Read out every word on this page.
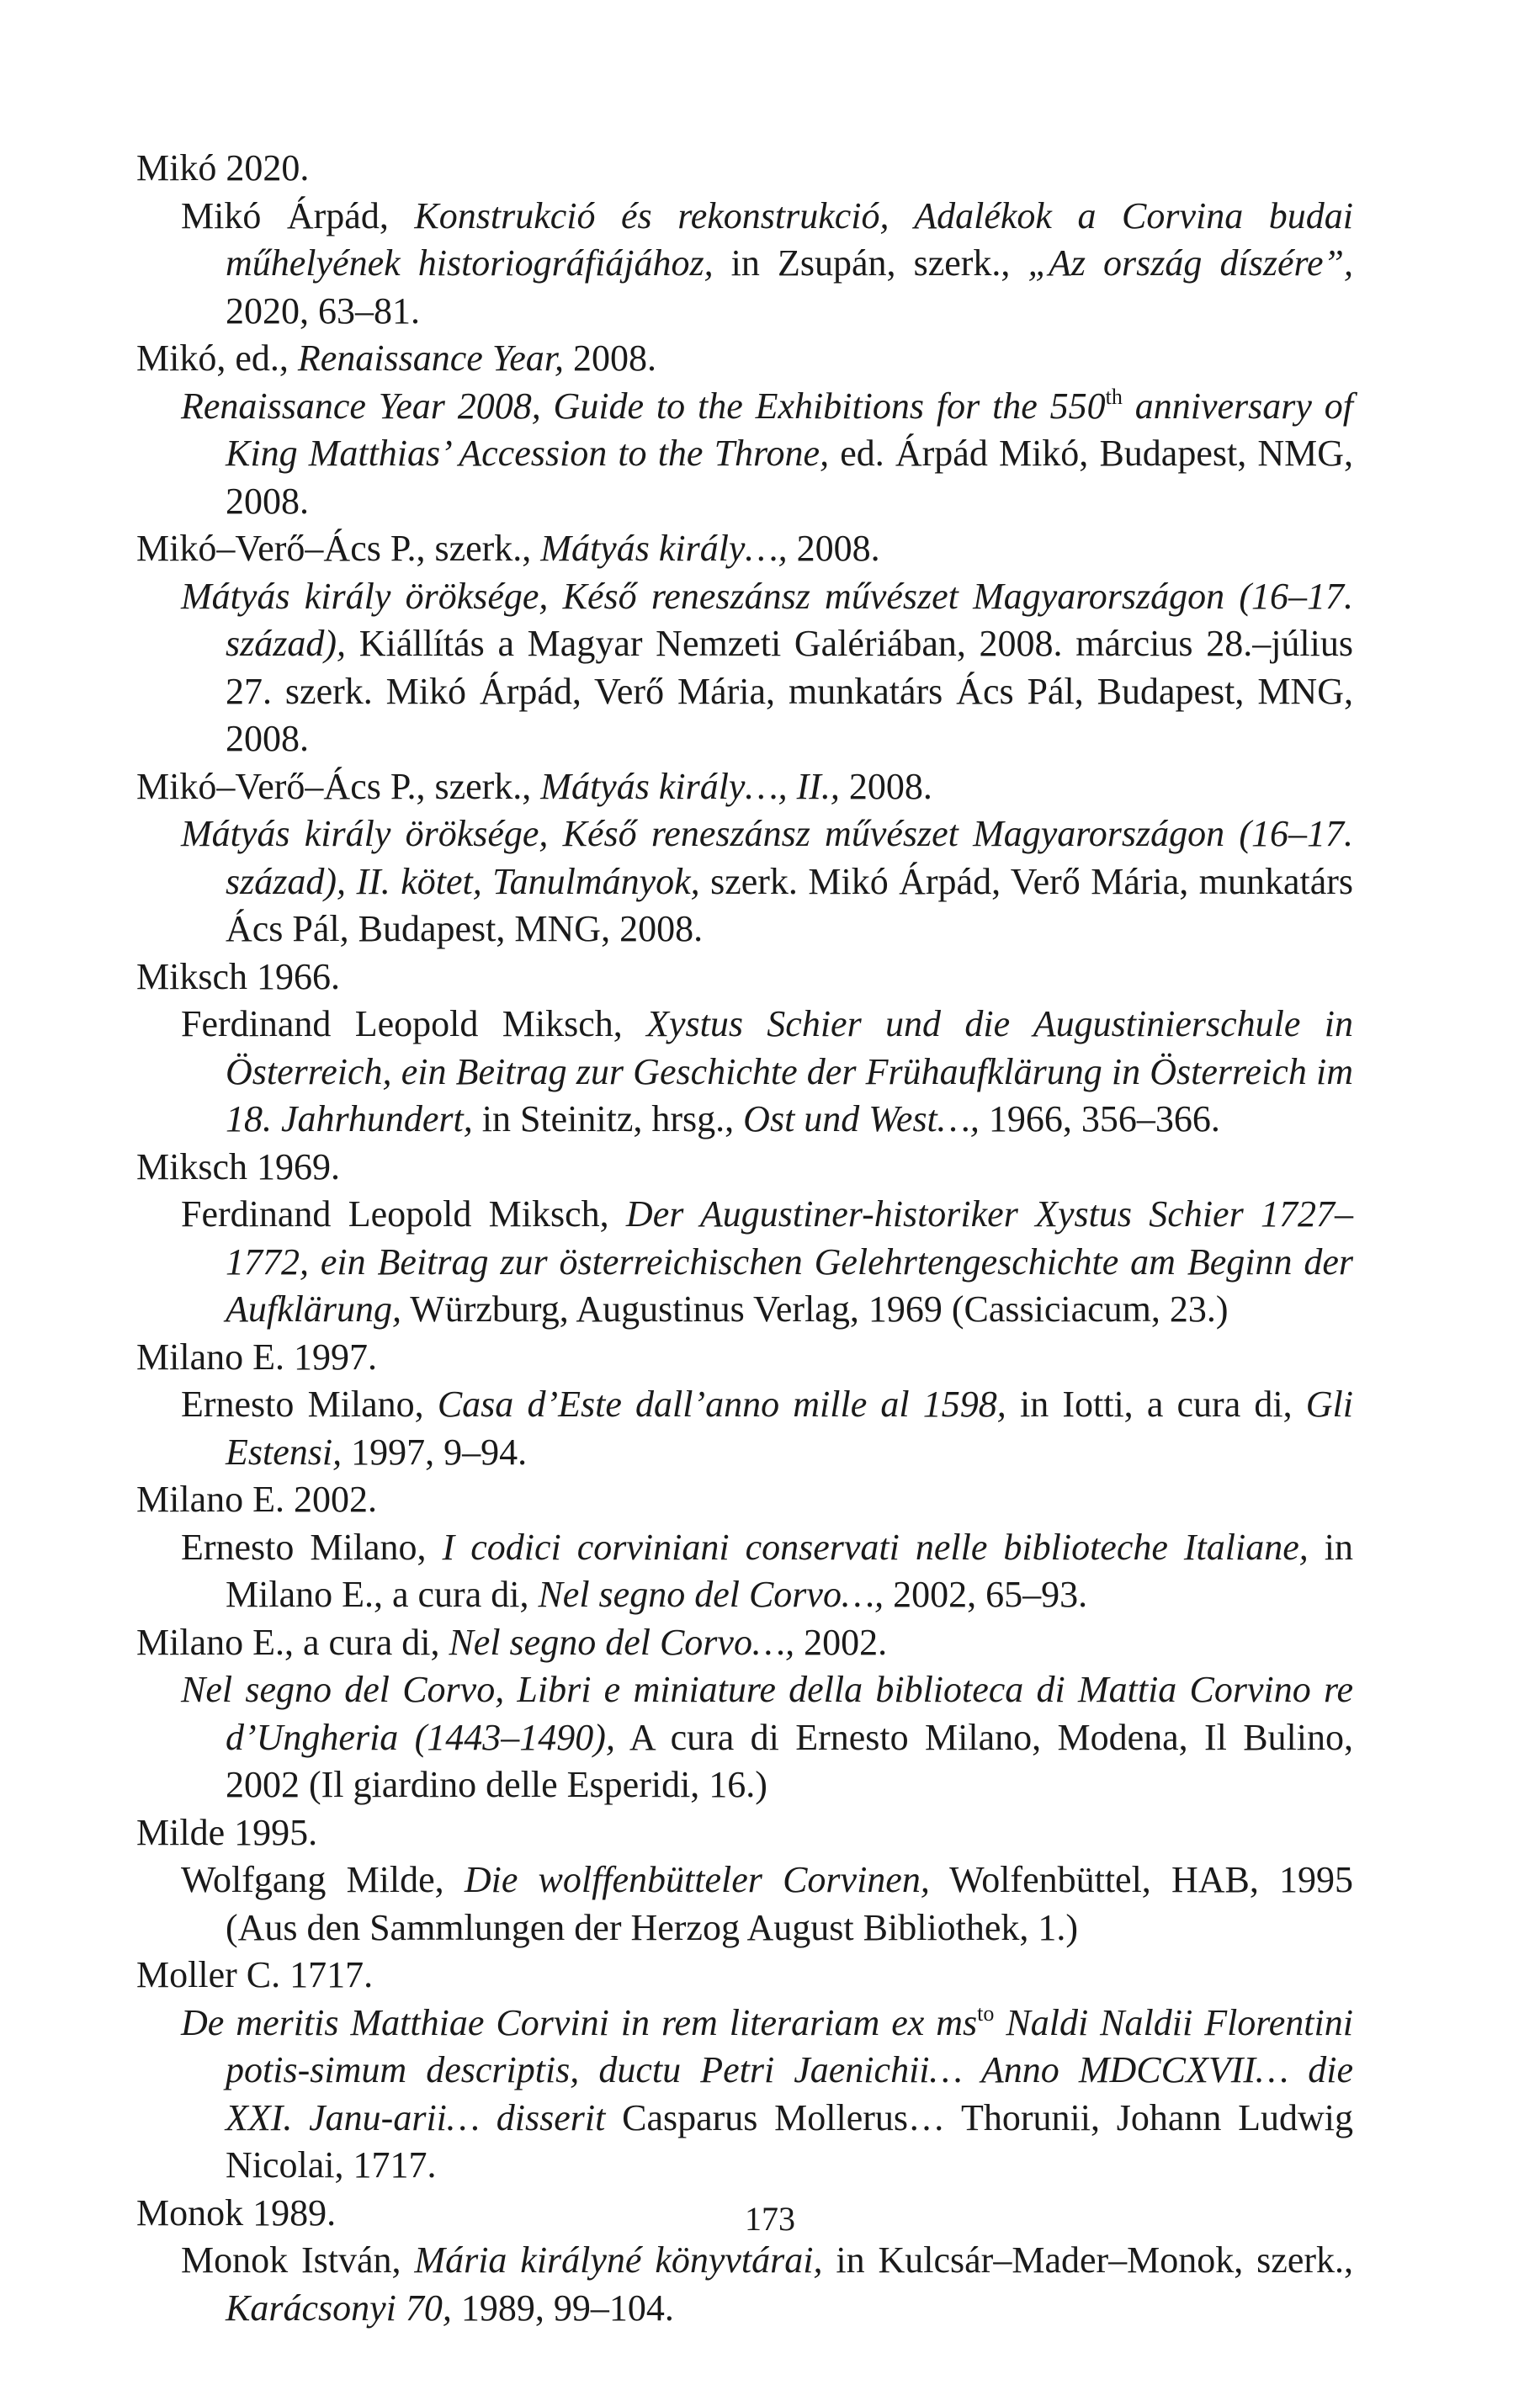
Mikó 2020.

Mikó Árpád, Konstrukció és rekonstrukció, Adalékok a Corvina budai műhelyének historiográfiájához, in Zsupán, szerk., „Az ország díszére”, 2020, 63–81.

Mikó, ed., Renaissance Year, 2008.

Renaissance Year 2008, Guide to the Exhibitions for the 550th anniversary of King Matthias’ Accession to the Throne, ed. Árpád Mikó, Budapest, NMG, 2008.

Mikó–Verő–Ács P., szerk., Mátyás király…, 2008.

Mátyás király öröksége, Késő reneszánsz művészet Magyarországon (16–17. század), Kiállítás a Magyar Nemzeti Galériában, 2008. március 28.–július 27. szerk. Mikó Árpád, Verő Mária, munkatárs Ács Pál, Budapest, MNG, 2008.

Mikó–Verő–Ács P., szerk., Mátyás király…, II., 2008.

Mátyás király öröksége, Késő reneszánsz művészet Magyarországon (16–17. század), II. kötet, Tanulmányok, szerk. Mikó Árpád, Verő Mária, munkatárs Ács Pál, Budapest, MNG, 2008.

Miksch 1966.

Ferdinand Leopold Miksch, Xystus Schier und die Augustinierschule in Österreich, ein Beitrag zur Geschichte der Frühaufklärung in Österreich im 18. Jahrhundert, in Steinitz, hrsg., Ost und West…, 1966, 356–366.

Miksch 1969.

Ferdinand Leopold Miksch, Der Augustiner-historiker Xystus Schier 1727–1772, ein Beitrag zur österreichischen Gelehrtengeschichte am Beginn der Aufklärung, Würzburg, Augustinus Verlag, 1969 (Cassiciacum, 23.)

Milano E. 1997.

Ernesto Milano, Casa d’Este dall’anno mille al 1598, in Iotti, a cura di, Gli Estensi, 1997, 9–94.

Milano E. 2002.

Ernesto Milano, I codici corviniani conservati nelle biblioteche Italiane, in Milano E., a cura di, Nel segno del Corvo…, 2002, 65–93.

Milano E., a cura di, Nel segno del Corvo…, 2002.

Nel segno del Corvo, Libri e miniature della biblioteca di Mattia Corvino re d’Ungheria (1443–1490), A cura di Ernesto Milano, Modena, Il Bulino, 2002 (Il giardino delle Esperidi, 16.)

Milde 1995.

Wolfgang Milde, Die wolffenbütteler Corvinen, Wolfenbüttel, HAB, 1995 (Aus den Sammlungen der Herzog August Bibliothek, 1.)

Moller C. 1717.

De meritis Matthiae Corvini in rem literariam ex $ms^{to}$ Naldi Naldii Florentini potis-simum descriptis, ductu Petri Jaenichii… Anno MDCCXVII… die XXI. Janu-arii… disserit Casparus Mollerus… Thorunii, Johann Ludwig Nicolai, 1717.

Monok 1989.

Monok István, Mária királyné könyvtárai, in Kulcsár–Mader–Monok, szerk., Karácsonyi 70, 1989, 99–104.

173
